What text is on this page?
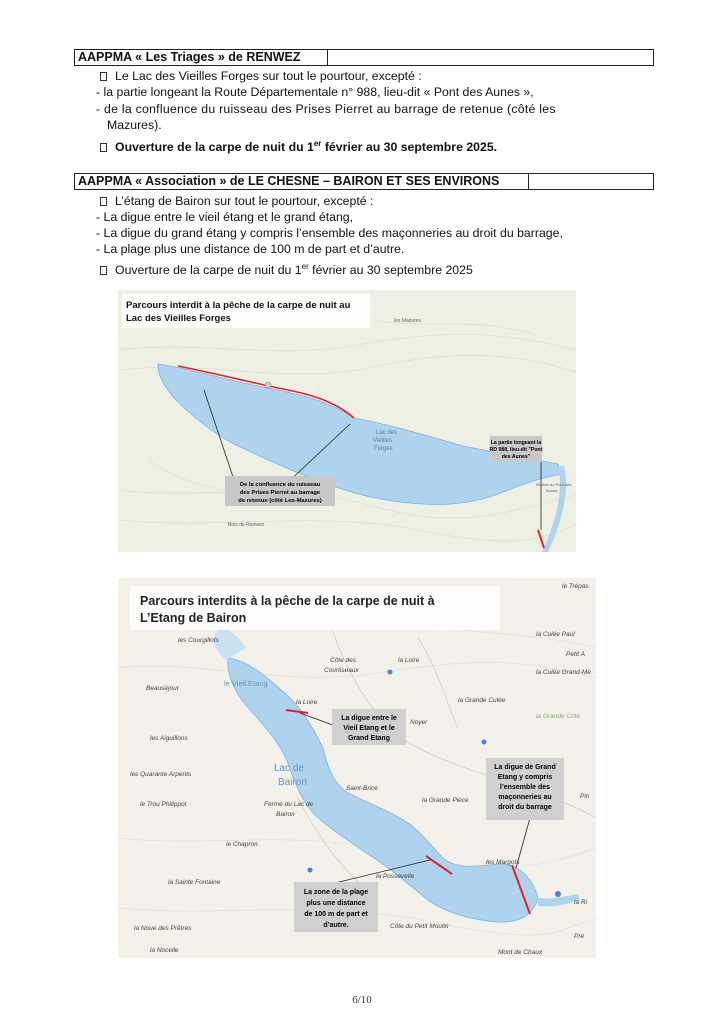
AAPPMA « Les Triages » de RENWEZ
Le Lac des Vieilles Forges sur tout le pourtour, excepté :
- la partie longeant la Route Départementale n° 988, lieu-dit « Pont des Aunes »,
- de la confluence du ruisseau des Prises Pierret au barrage de retenue (côté les
Mazures).
Ouverture de la carpe de nuit du 1er février au 30 septembre 2025.
AAPPMA « Association » de LE CHESNE – BAIRON ET SES ENVIRONS
L’étang de Bairon sur tout le pourtour, excepté :
- La digue entre le vieil étang et le grand étang,
- La digue du grand étang y compris l’ensemble des maçonneries au droit du barrage,
- La plage plus une distance de 100 m de part et d’autre.
Ouverture de la carpe de nuit du 1er février au 30 septembre 2025
Parcours interdit à la pêche de la carpe de nuit au
Lac des Vieilles Forges
De la confluence du ruisseau
des Prises Pierret au barrage
de retenue (côté Les-Mazures)
La partie longeant la
RD 988, lieu-dit "Pont
des Aunes"
Lac des
Vieilles
Forges
les Mazures
Bois de Renwez
Rocher du Pont des
Aunes
Parcours interdits à la pêche de la carpe de nuit à
L’Etang de Bairon
La digue entre le
Vieil Etang et le
Grand Etang
La digue de Grand
Etang y compris
l’ensemble des
maçonneries au
droit du barrage
La zone de la plage
plus une distance
de 100 m de part et
d’autre.
le Vieil Etang
Lac de
Bairon
les Courgillots
Beauséjour
les Aiguillons
les Quarante Arpents
le Trou Philippot
le Chapron
la Sainte Fontaine
la Noue des Prêtres
la Nocelle
Côte des
Courtiseaux
la Loire
la Loire
Ferme du Lac de
Bairon
Saint-Brice
la Grande Pièce
Noyer
la Grande Culée
la Grande Côte
la Culée Paul
Petit A
la Culée Grand-Mé
le Trépas
les Margots
la Possevelle
Côte du Petit Moulin
Mont de Chaux
Pré
la Ri
Pin
6/10
